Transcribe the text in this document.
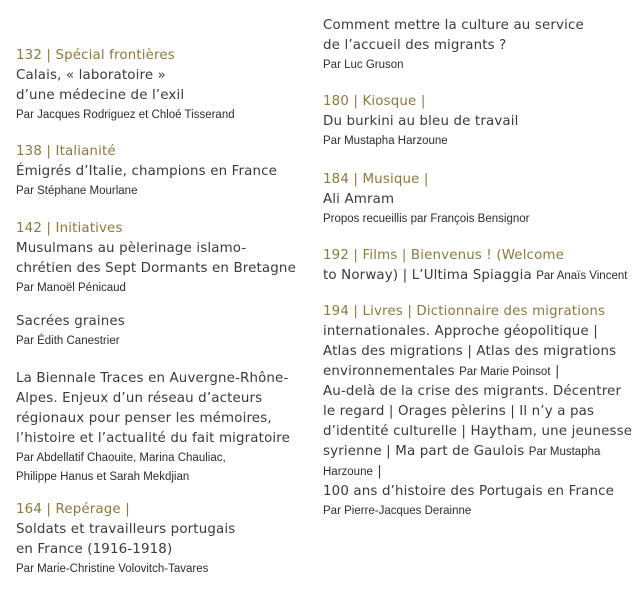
132 | Spécial frontières
Calais, « laboratoire »
d’une médecine de l’exil
Par Jacques Rodriguez et Chloé Tisserand
138 | Italianité
Émigrés d’Italie, champions en France
Par Stéphane Mourlane
142 | Initiatives
Musulmans au pèlerinage islamo-
chrétien des Sept Dormants en Bretagne
Par Manoël Pénicaud
Sacrées graines
Par Édith Canestrier
La Biennale Traces en Auvergne-Rhône-
Alpes. Enjeux d’un réseau d’acteurs
régionaux pour penser les mémoires,
l’histoire et l’actualité du fait migratoire
Par Abdellatif Chaouite, Marina Chauliac,
Philippe Hanus et Sarah Mekdjian
164 | Repérage |
Soldats et travailleurs portugais
en France (1916-1918)
Par Marie-Christine Volovitch-Tavares
Comment mettre la culture au service
de l’accueil des migrants ?
Par Luc Gruson
180 | Kiosque |
Du burkini au bleu de travail
Par Mustapha Harzoune
184 | Musique |
Ali Amram
Propos recueillis par François Bensignor
192 | Films | Bienvenus ! (Welcome
to Norway) | L’Ultima Spiaggia Par Anaïs Vincent
194 | Livres | Dictionnaire des migrations
internationales. Approche géopolitique |
Atlas des migrations | Atlas des migrations
environnementales Par Marie Poinsot |
Au-delà de la crise des migrants. Décentrer
le regard | Orages pèlerins | Il n’y a pas
d’identité culturelle | Haytham, une jeunesse
syrienne | Ma part de Gaulois Par Mustapha
Harzoune |
100 ans d’histoire des Portugais en France
Par Pierre-Jacques Derainne
